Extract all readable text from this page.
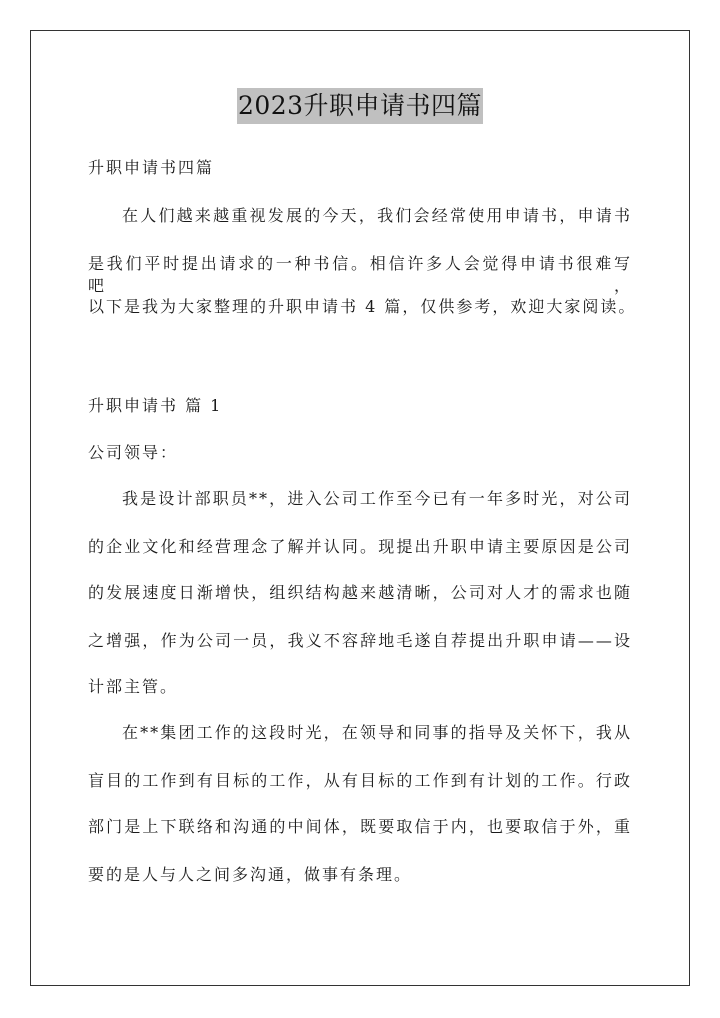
2023升职申请书四篇
升职申请书四篇
在人们越来越重视发展的今天，我们会经常使用申请书，申请书
是我们平时提出请求的一种书信。相信许多人会觉得申请书很难写吧，
以下是我为大家整理的升职申请书 4 篇，仅供参考，欢迎大家阅读。
升职申请书 篇 1
公司领导：
我是设计部职员**，进入公司工作至今已有一年多时光，对公司
的企业文化和经营理念了解并认同。现提出升职申请主要原因是公司
的发展速度日渐增快，组织结构越来越清晰，公司对人才的需求也随
之增强，作为公司一员，我义不容辞地毛遂自荐提出升职申请——设
计部主管。
在**集团工作的这段时光，在领导和同事的指导及关怀下，我从
盲目的工作到有目标的工作，从有目标的工作到有计划的工作。行政
部门是上下联络和沟通的中间体，既要取信于内，也要取信于外，重
要的是人与人之间多沟通，做事有条理。
